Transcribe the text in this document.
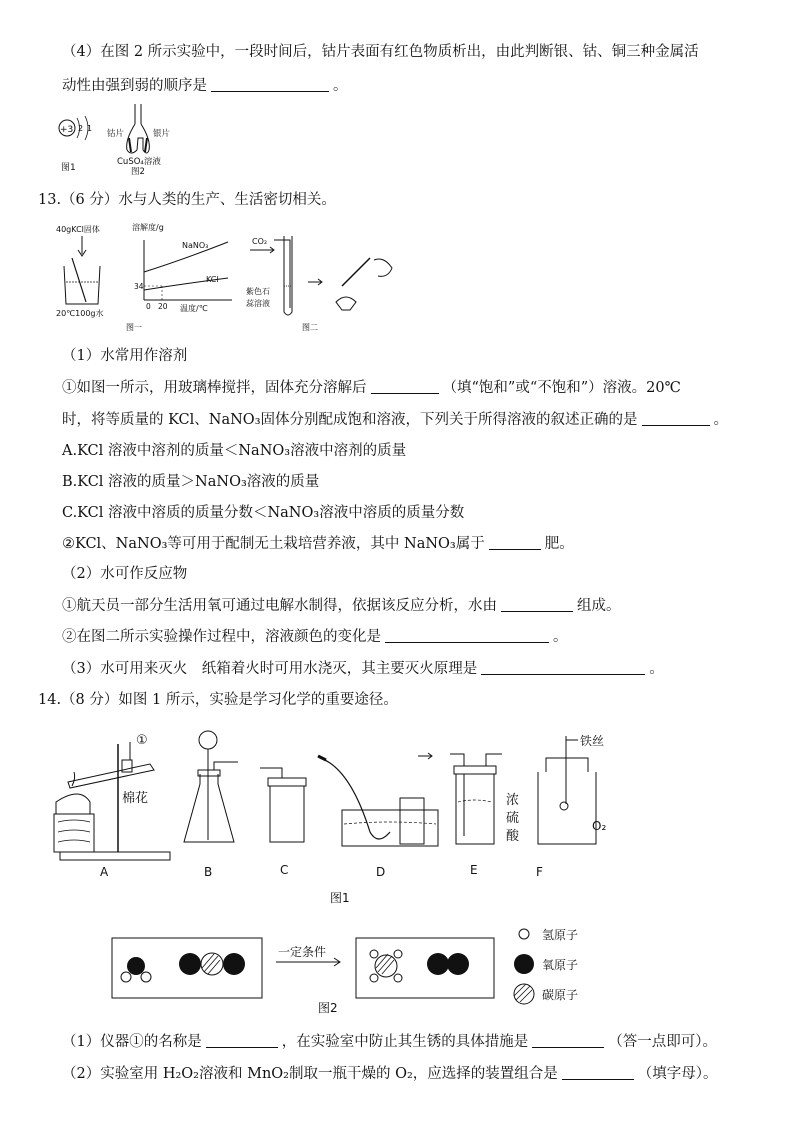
（4）在图 2 所示实验中，一段时间后，钴片表面有红色物质析出，由此判断银、钴、铜三种金属活
动性由强到弱的顺序是	。
+3 2 1
图1
钴片	银片
CuSO₄溶液
图2
13.（6 分）水与人类的生产、生活密切相关。
40gKCl固体
20℃100g水
溶解度/g
NaNO₃
KCl
34
0 20 温度/℃
图一
CO₂
紫色石
蕊溶液
图二
（1）水常用作溶剂
①如图一所示，用玻璃棒搅拌，固体充分溶解后	（填“饱和”或“不饱和”）溶液。20℃
时，将等质量的 KCl、NaNO₃固体分别配成饱和溶液，下列关于所得溶液的叙述正确的是	。
A.KCl 溶液中溶剂的质量＜NaNO₃溶液中溶剂的质量
B.KCl 溶液的质量＞NaNO₃溶液的质量
C.KCl 溶液中溶质的质量分数＜NaNO₃溶液中溶质的质量分数
②KCl、NaNO₃等可用于配制无土栽培营养液，其中 NaNO₃属于	肥。
（2）水可作反应物
①航天员一部分生活用氧可通过电解水制得，依据该反应分析，水由	组成。
②在图二所示实验操作过程中，溶液颜色的变化是	。
（3）水可用来灭火　纸箱着火时可用水浇灭，其主要灭火原理是	。
14.（8 分）如图 1 所示，实验是学习化学的重要途径。
①
棉花
A	B	C	D
浓
硫
酸
E
铁丝
O₂
F
图1
一定条件
氢原子
氧原子
碳原子
图2
（1）仪器①的名称是	，在实验室中防止其生锈的具体措施是	（答一点即可）。
（2）实验室用 H₂O₂溶液和 MnO₂制取一瓶干燥的 O₂，应选择的装置组合是	（填字母）。
